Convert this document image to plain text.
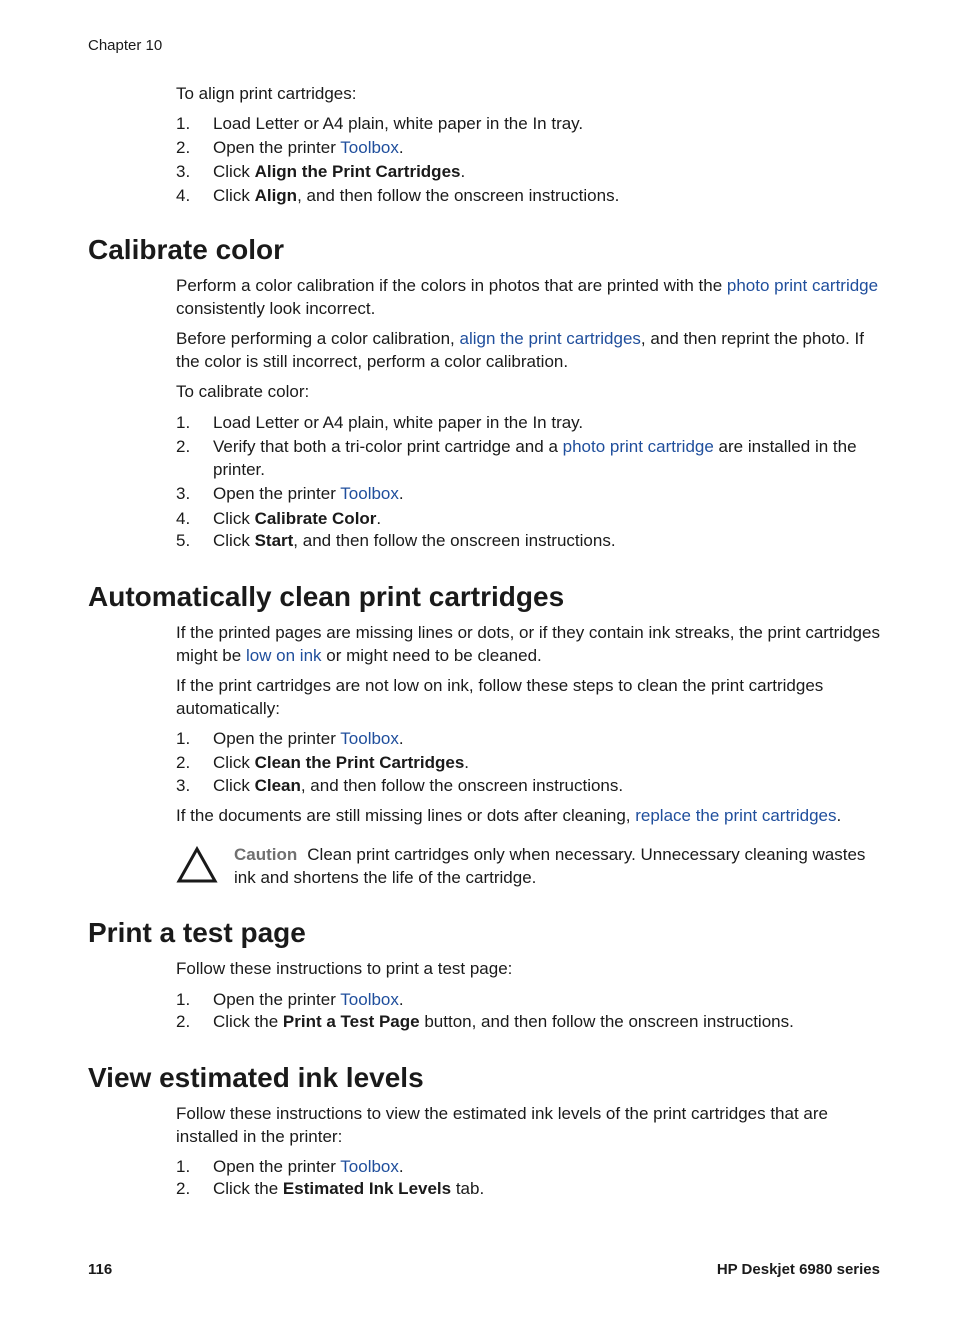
Chapter 10

To align print cartridges:

1. Load Letter or A4 plain, white paper in the In tray.
2. Open the printer Toolbox.
3. Click Align the Print Cartridges.
4. Click Align, and then follow the onscreen instructions.
Calibrate color

Perform a color calibration if the colors in photos that are printed with the photo print cartridge consistently look incorrect.

Before performing a color calibration, align the print cartridges, and then reprint the photo. If the color is still incorrect, perform a color calibration.

To calibrate color:

1. Load Letter or A4 plain, white paper in the In tray.
2. Verify that both a tri-color print cartridge and a photo print cartridge are installed in the printer.
3. Open the printer Toolbox.
4. Click Calibrate Color.
5. Click Start, and then follow the onscreen instructions.
Automatically clean print cartridges

If the printed pages are missing lines or dots, or if they contain ink streaks, the print cartridges might be low on ink or might need to be cleaned.

If the print cartridges are not low on ink, follow these steps to clean the print cartridges automatically:

1. Open the printer Toolbox.
2. Click Clean the Print Cartridges.
3. Click Clean, and then follow the onscreen instructions.

If the documents are still missing lines or dots after cleaning, replace the print cartridges.

Caution Clean print cartridges only when necessary. Unnecessary cleaning wastes ink and shortens the life of the cartridge.
Print a test page

Follow these instructions to print a test page:

1. Open the printer Toolbox.
2. Click the Print a Test Page button, and then follow the onscreen instructions.
View estimated ink levels

Follow these instructions to view the estimated ink levels of the print cartridges that are installed in the printer:

1. Open the printer Toolbox.
2. Click the Estimated Ink Levels tab.
116	HP Deskjet 6980 series
